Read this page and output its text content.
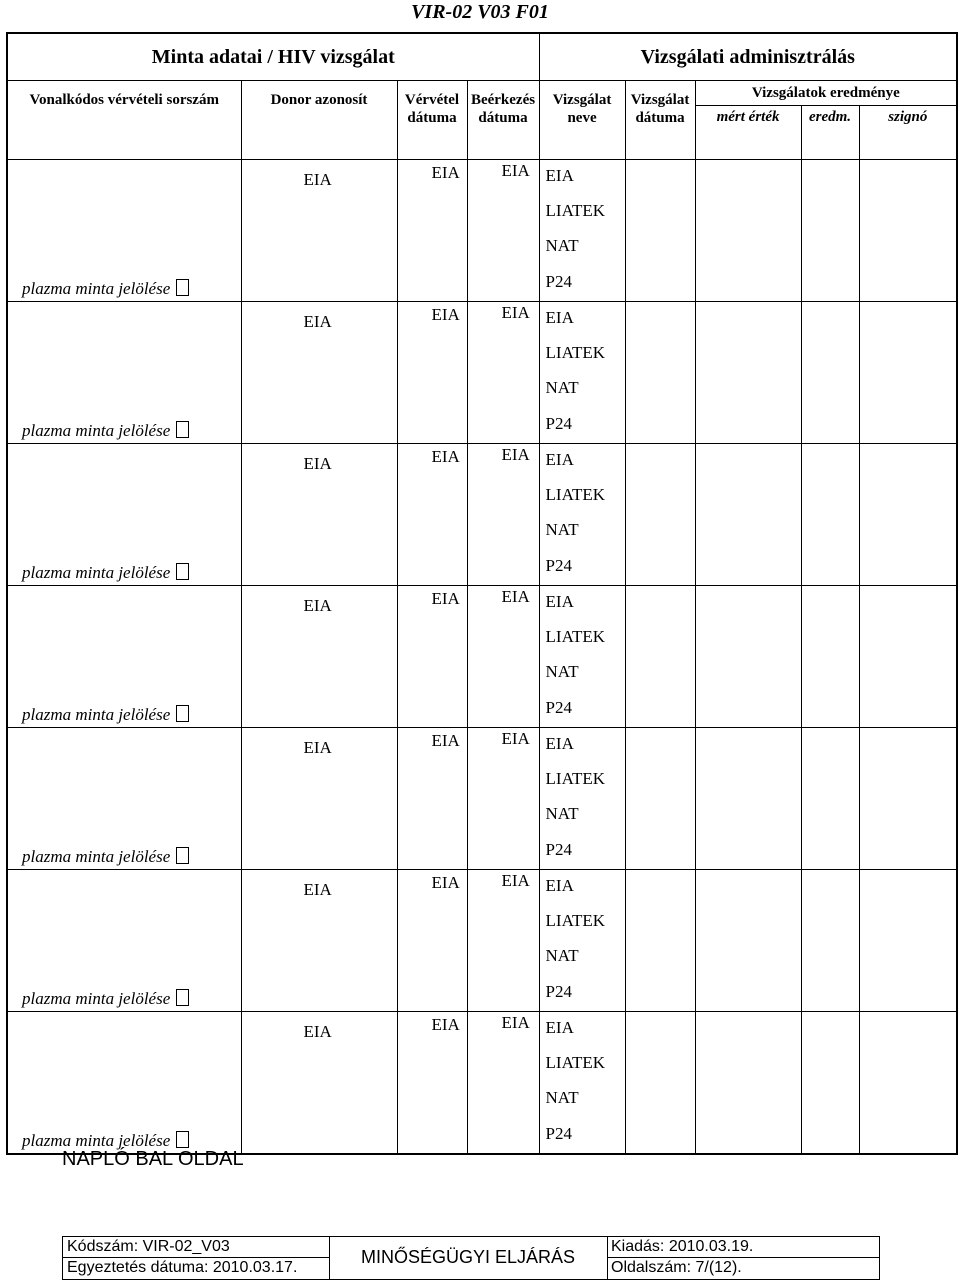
VIR-02 V03 F01
Minta adatai / HIV vizsgálat				Vizsgálati adminisztrálás				
Vonalkódos vérvételi sorszám	Donor azonosít	Vérvétel dátuma	Beérkezés dátuma	Vizsgálat neve	Vizsgálat dátuma	Vizsgálatok eredménye		
						mért érték	eredm.	szignó

plazma minta jelölése	EIA	EIA	EIA	EIA
LIATEK
NAT
P24				

plazma minta jelölése	EIA	EIA	EIA	EIA
LIATEK
NAT
P24				

plazma minta jelölése	EIA	EIA	EIA	EIA
LIATEK
NAT
P24				

plazma minta jelölése	EIA	EIA	EIA	EIA
LIATEK
NAT
P24				

plazma minta jelölése	EIA	EIA	EIA	EIA
LIATEK
NAT
P24				

plazma minta jelölése	EIA	EIA	EIA	EIA
LIATEK
NAT
P24				

plazma minta jelölése	EIA	EIA	EIA	EIA
LIATEK
NAT
P24				

NAPLÓ BAL OLDAL
Kódszám: VIR-02_V03
Egyeztetés dátuma: 2010.03.17.
MINŐSÉGÜGYI ELJÁRÁS
Kiadás: 2010.03.19.
Oldalszám: 7/(12).
